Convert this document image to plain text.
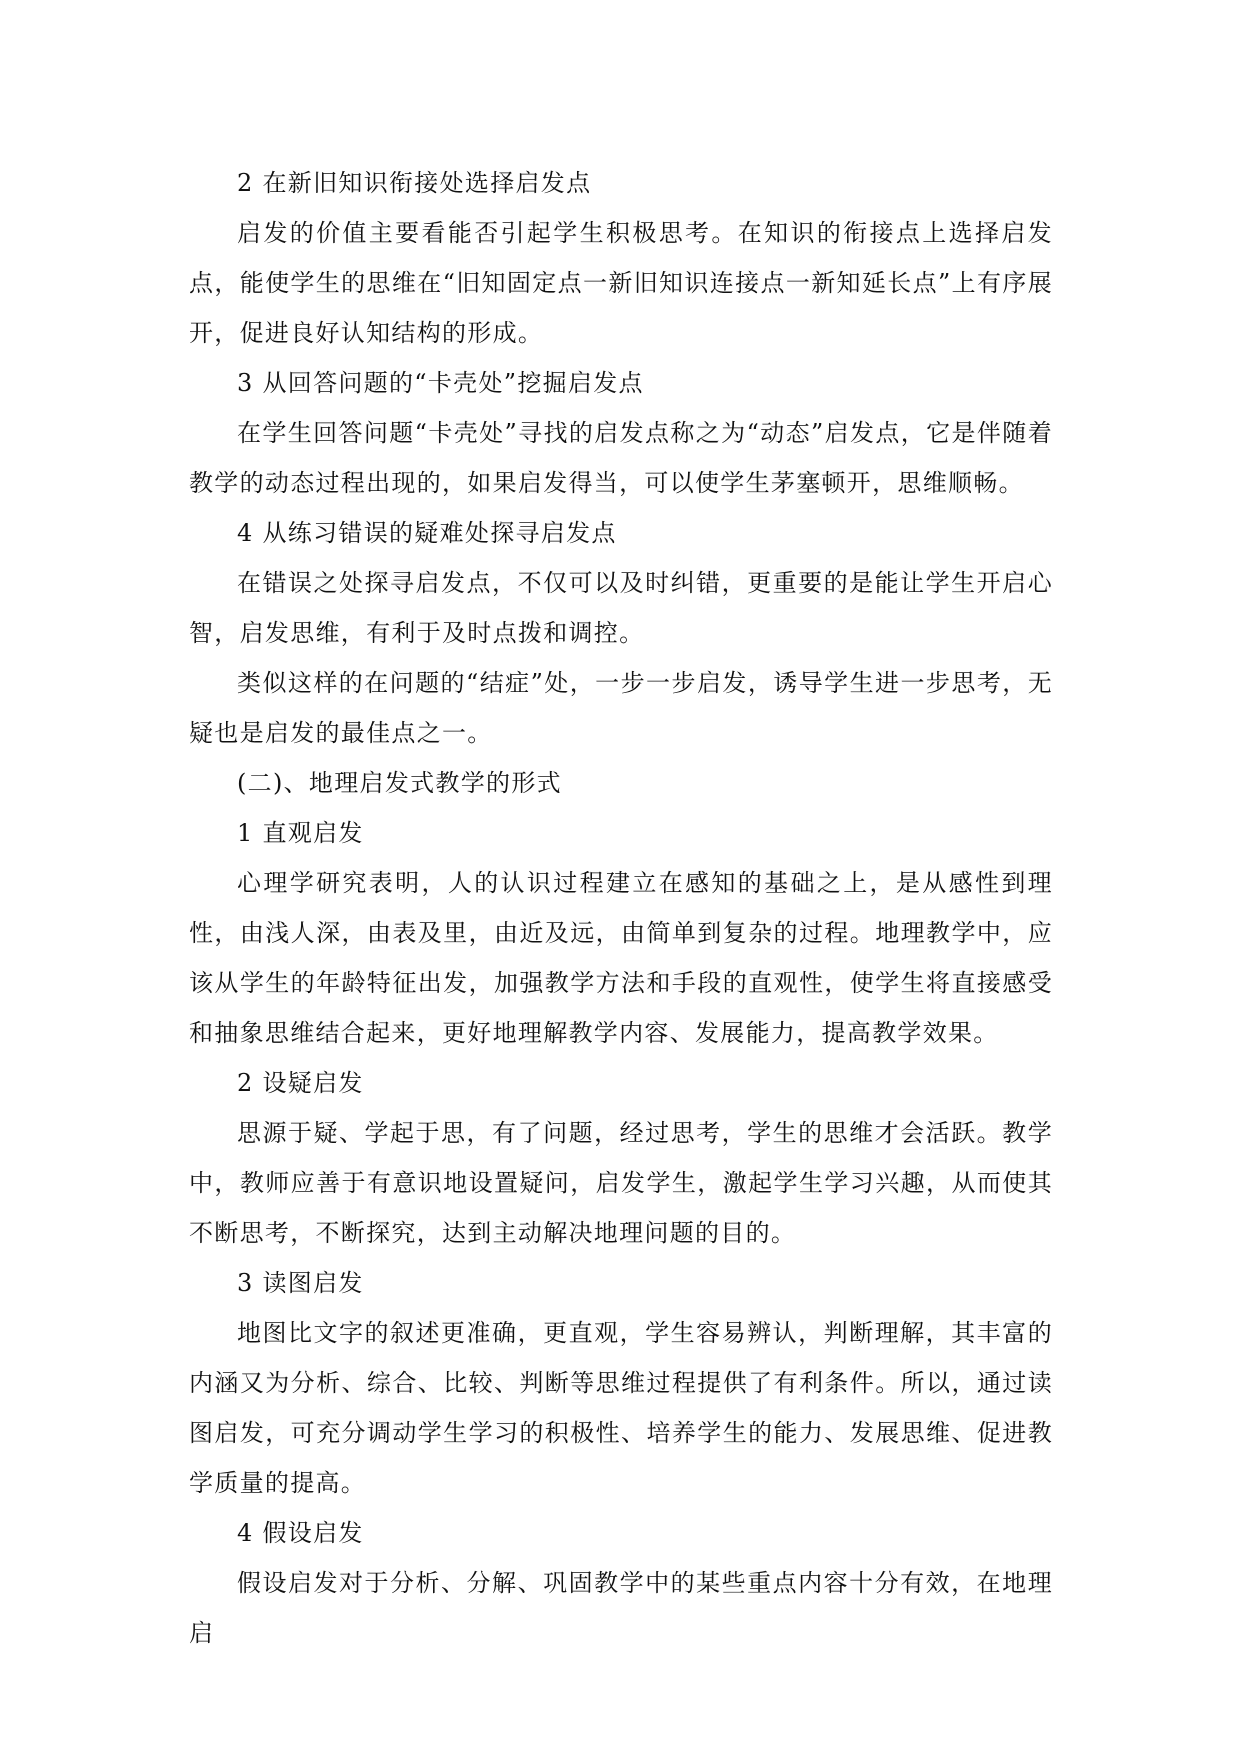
2 在新旧知识衔接处选择启发点

启发的价值主要看能否引起学生积极思考。在知识的衔接点上选择启发点，能使学生的思维在“旧知固定点一新旧知识连接点一新知延长点”上有序展开，促进良好认知结构的形成。

3 从回答问题的“卡壳处”挖掘启发点

在学生回答问题“卡壳处”寻找的启发点称之为“动态”启发点，它是伴随着教学的动态过程出现的，如果启发得当，可以使学生茅塞顿开，思维顺畅。

4 从练习错误的疑难处探寻启发点

在错误之处探寻启发点，不仅可以及时纠错，更重要的是能让学生开启心智，启发思维，有利于及时点拨和调控。

类似这样的在问题的“结症”处，一步一步启发，诱导学生进一步思考，无疑也是启发的最佳点之一。

(二)、地理启发式教学的形式

1 直观启发

心理学研究表明，人的认识过程建立在感知的基础之上，是从感性到理性，由浅人深，由表及里，由近及远，由简单到复杂的过程。地理教学中，应该从学生的年龄特征出发，加强教学方法和手段的直观性，使学生将直接感受和抽象思维结合起来，更好地理解教学内容、发展能力，提高教学效果。

2 设疑启发

思源于疑、学起于思，有了问题，经过思考，学生的思维才会活跃。教学中，教师应善于有意识地设置疑问，启发学生，激起学生学习兴趣，从而使其不断思考，不断探究，达到主动解决地理问题的目的。

3 读图启发

地图比文字的叙述更准确，更直观，学生容易辨认，判断理解，其丰富的内涵又为分析、综合、比较、判断等思维过程提供了有利条件。所以，通过读图启发，可充分调动学生学习的积极性、培养学生的能力、发展思维、促进教学质量的提高。

4 假设启发

假设启发对于分析、分解、巩固教学中的某些重点内容十分有效，在地理启
